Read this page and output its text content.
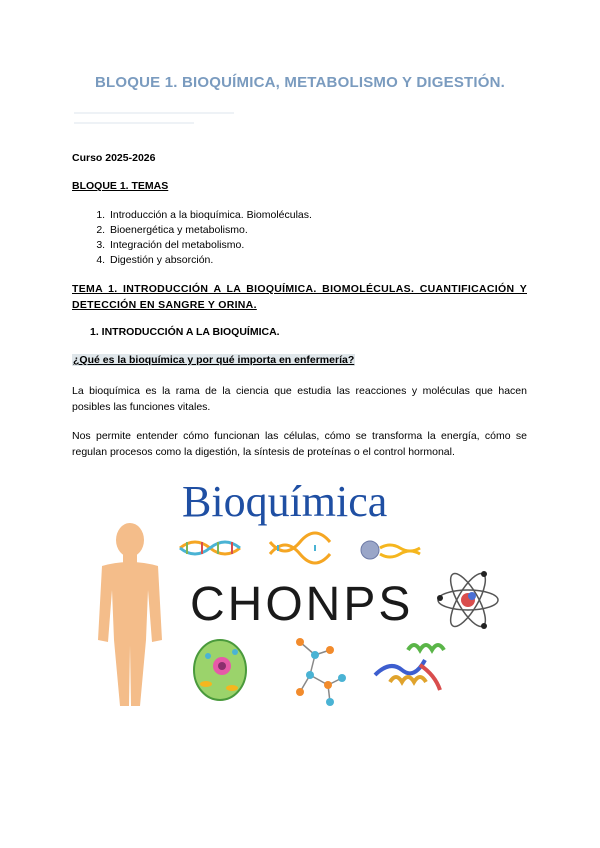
BLOQUE 1. BIOQUÍMICA, METABOLISMO Y DIGESTIÓN.
Curso 2025-2026
BLOQUE 1. TEMAS
1. Introducción a la bioquímica. Biomoléculas.
2. Bioenergética y metabolismo.
3. Integración del metabolismo.
4. Digestión y absorción.
TEMA 1. INTRODUCCIÓN A LA BIOQUÍMICA. BIOMOLÉCULAS. CUANTIFICACIÓN Y DETECCIÓN EN SANGRE Y ORINA.
1. INTRODUCCIÓN A LA BIOQUÍMICA.
¿Qué es la bioquímica y por qué importa en enfermería?
La bioquímica es la rama de la ciencia que estudia las reacciones y moléculas que hacen posibles las funciones vitales.
Nos permite entender cómo funcionan las células, cómo se transforma la energía, cómo se regulan procesos como la digestión, la síntesis de proteínas o el control hormonal.
Bioquímica
CHONPS
